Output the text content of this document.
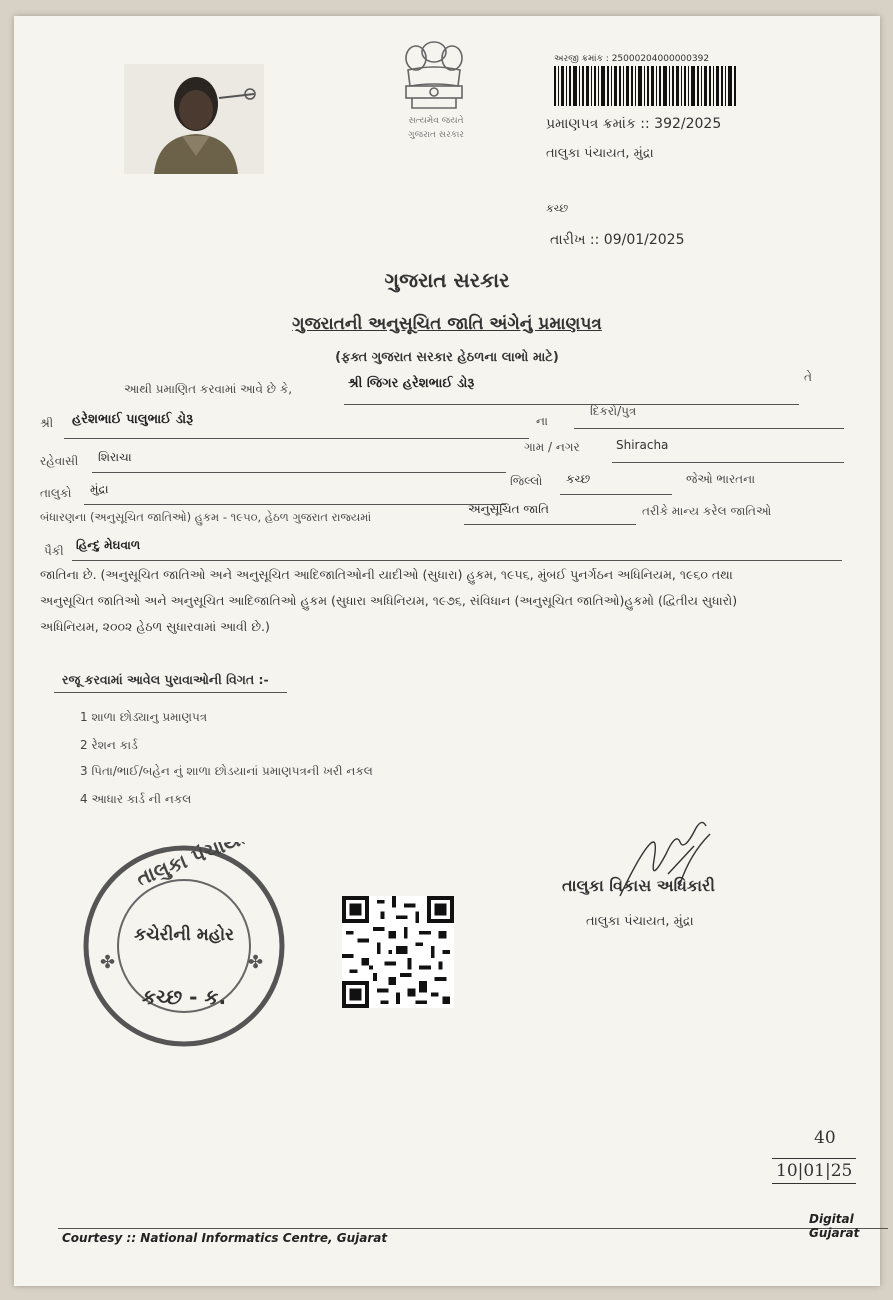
સત્યમેવ જયતે
ગુજરાત સરકાર
અરજી ક્રમાંક : 25000204000000392
પ્રમાણપત્ર ક્રમાંક :: 392/2025
તાલુકા પંચાયત, મુંદ્રા
કચ્છ
તારીખ :: 09/01/2025
ગુજરાત સરકાર
ગુજરાતની અનુસૂચિત જાતિ અંગેનું પ્રમાણપત્ર
(ફક્ત ગુજરાત સરકાર હેઠળના લાભો માટે)
આથી પ્રમાણિત કરવામાં આવે છે કે,	શ્રી જિગર હરેશભાઈ ડોરૂ	તે
શ્રી હરેશભાઈ પાલુભાઈ ડોરૂ	ના
દિકરો/પુત્ર
ગામ / નગર	Shiracha
રહેવાસી શિરાચા
તાલુકો મુંદ્રા
જિલ્લો કચ્છ	જેઓ ભારતના
બંધારણના (અનુસૂચિત જાતિઓ) હુકમ - ૧૯૫૦, હેઠળ ગુજરાત રાજ્યમાં
અનુસૂચિત જાતિ	તરીકે માન્ય કરેલ જાતિઓ
પૈકી હિન્દુ મેઘવાળ
જાતિના છે. (અનુસૂચિત જાતિઓ અને અનુસૂચિત આદિજાતિઓની યાદીઓ (સુધારા) હુકમ, ૧૯૫૬, મુંબઈ પુનર્ગઠન અધિનિયમ, ૧૯૬૦ તથા
અનુસૂચિત જાતિઓ અને અનુસૂચિત આદિજાતિઓ હુકમ (સુધારા અધિનિયમ, ૧૯૭૬, સંવિધાન (અનુસૂચિત જાતિઓ)હુકમો (દ્વિતીય સુધારો)
અધિનિયમ, ૨૦૦૨ હેઠળ સુધારવામાં આવી છે.)
રજૂ કરવામાં આવેલ પુરાવાઓની વિગત :-
1 શાળા છોડ્યાનુ પ્રમાણપત્ર
2 રેશન કાર્ડ
3 પિતા/ભાઈ/બહેન નું શાળા છોડયાનાં પ્રમાણપત્રની ખરી નકલ
4 આધાર કાર્ડ ની નકલ
તાલુકા પંચાયત
કચેરીની મહોર
કચ્છ - ક.
✤	✤
તાલુકા વિકાસ અધિકારી
તાલુકા પંચાયત, મુંદ્રા
40
10|01|25
Courtesy :: National Informatics Centre, Gujarat
Digital Gujarat
